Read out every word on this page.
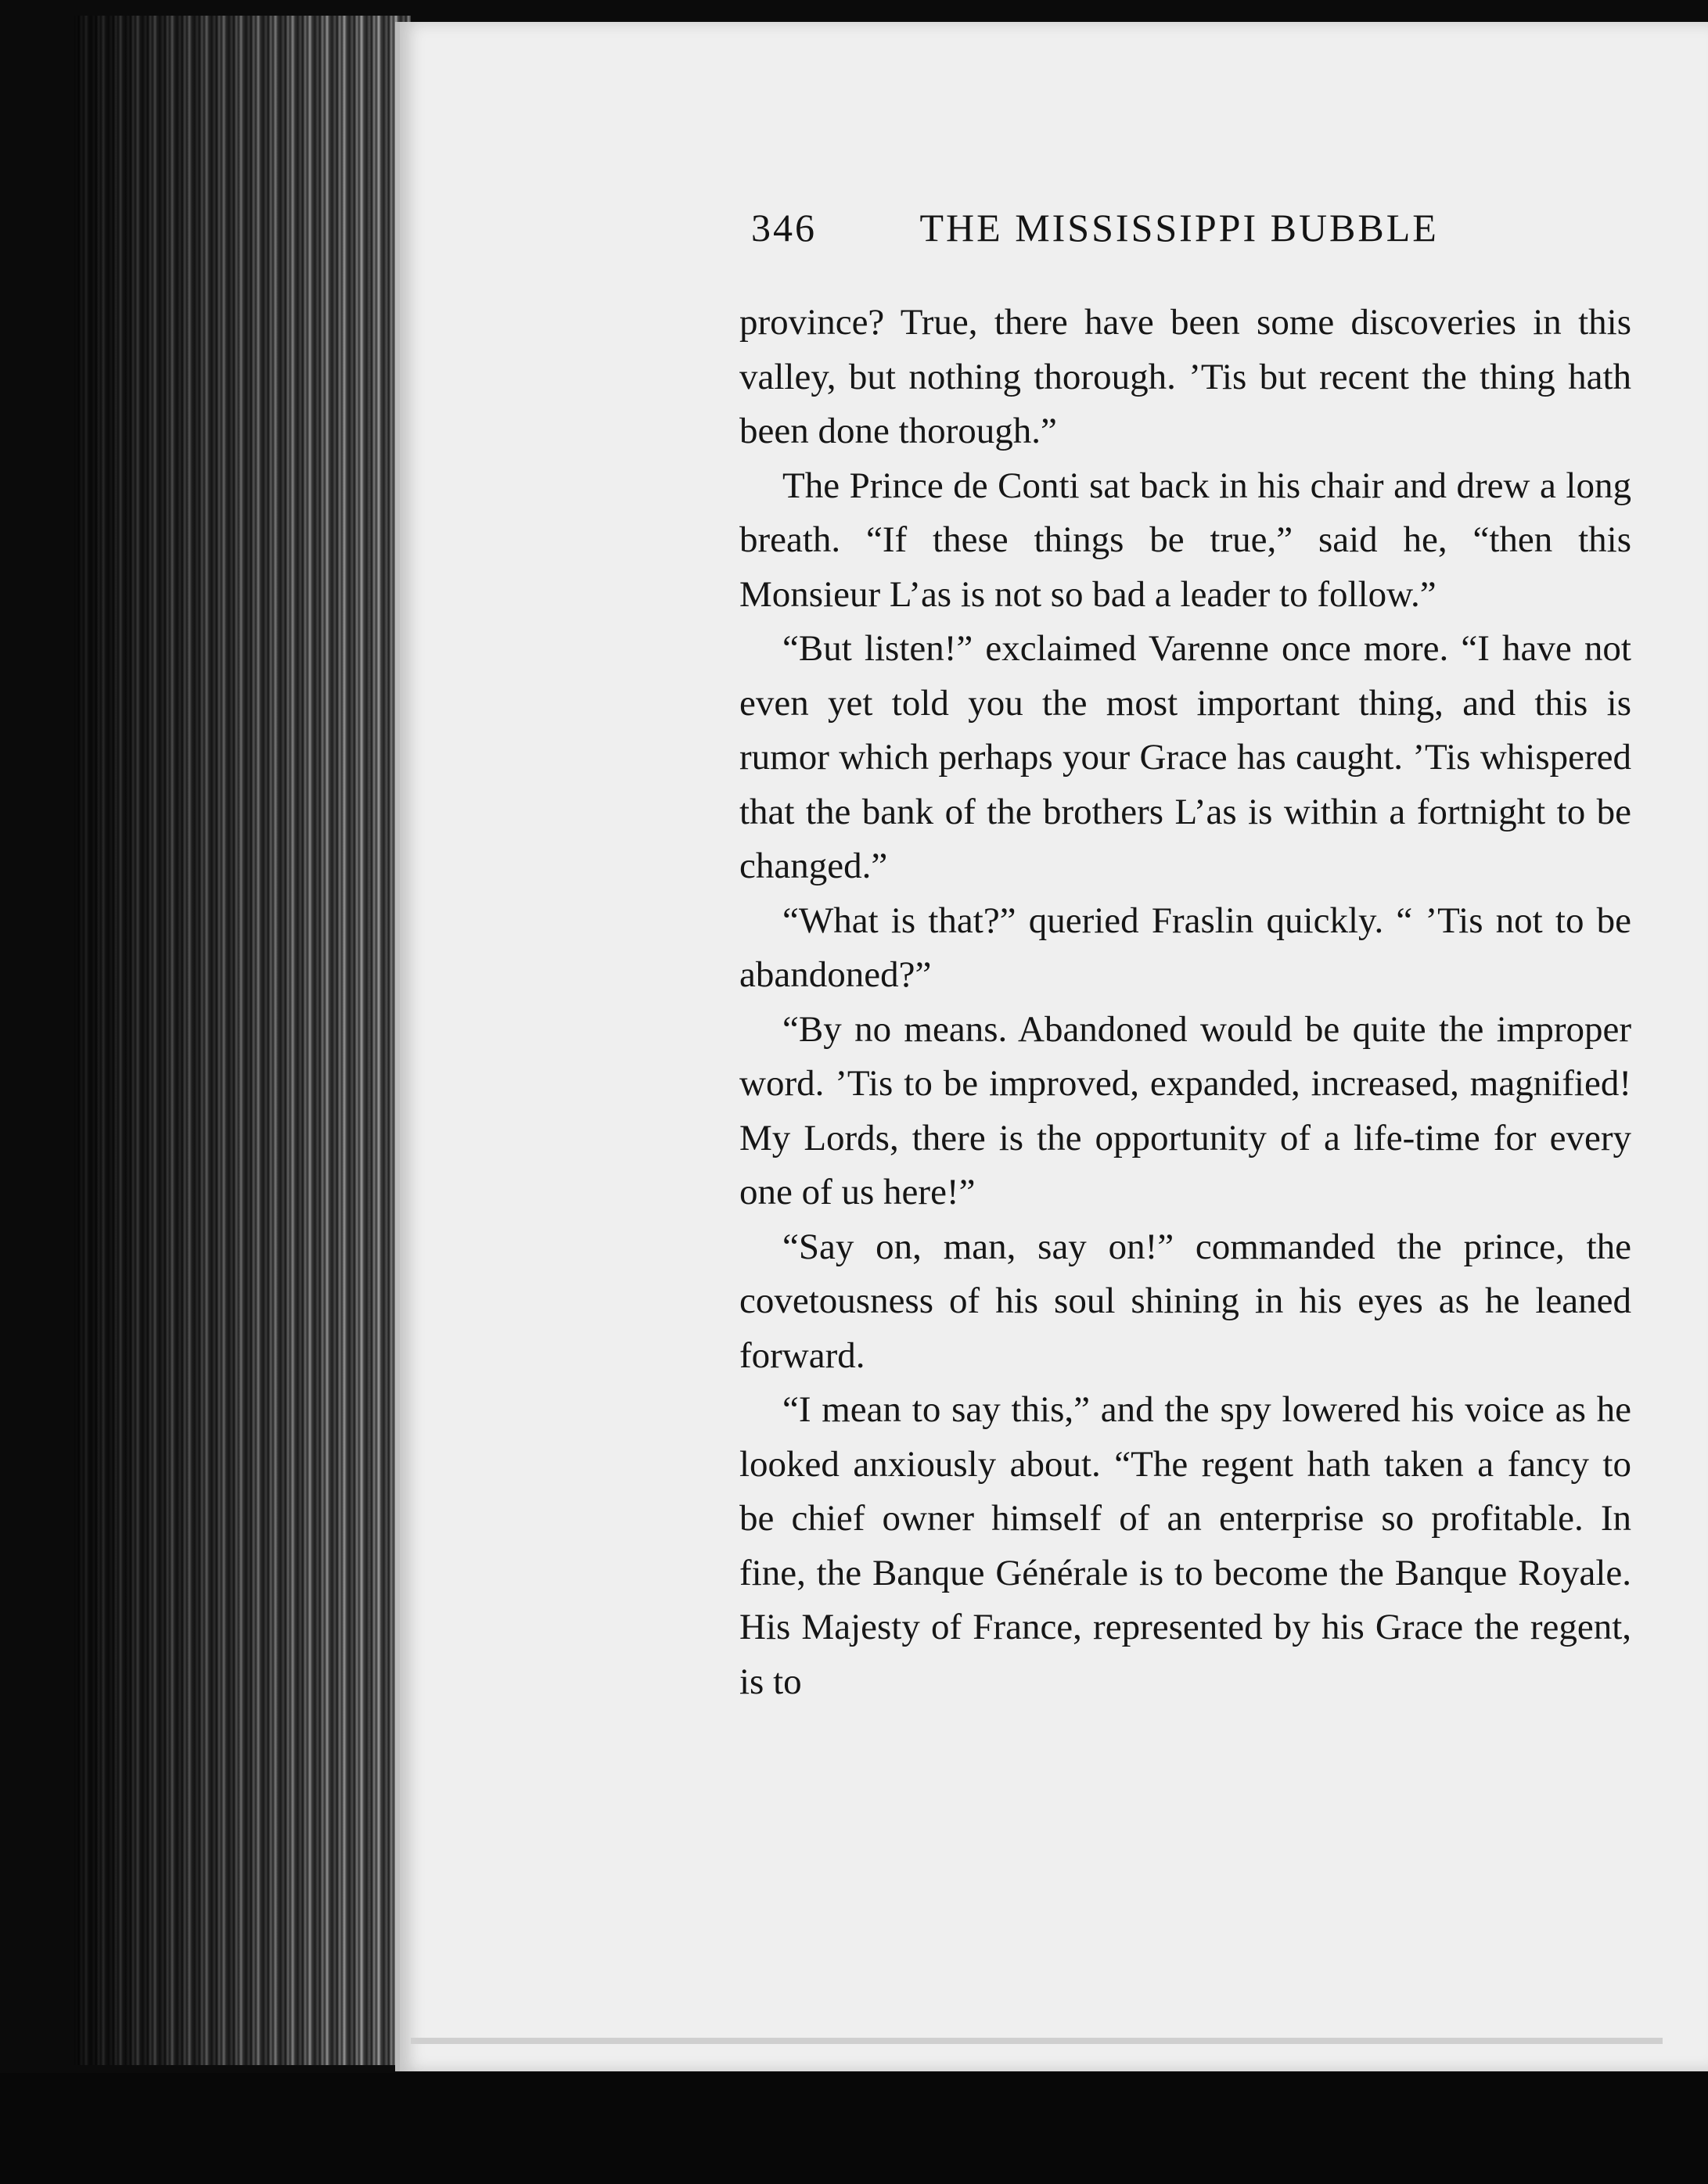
346	THE MISSISSIPPI BUBBLE

province? True, there have been some discoveries in this valley, but nothing thorough. ’Tis but recent the thing hath been done thorough.”

The Prince de Conti sat back in his chair and drew a long breath. “If these things be true,” said he, “then this Monsieur L’as is not so bad a leader to follow.”

“But listen!” exclaimed Varenne once more. “I have not even yet told you the most important thing, and this is rumor which perhaps your Grace has caught. ’Tis whispered that the bank of the brothers L’as is within a fortnight to be changed.”

“What is that?” queried Fraslin quickly. “ ’Tis not to be abandoned?”

“By no means. Abandoned would be quite the improper word. ’Tis to be improved, expanded, increased, magnified! My Lords, there is the opportunity of a life-time for every one of us here!”

“Say on, man, say on!” commanded the prince, the covetousness of his soul shining in his eyes as he leaned forward.

“I mean to say this,” and the spy lowered his voice as he looked anxiously about. “The regent hath taken a fancy to be chief owner himself of an enterprise so profitable. In fine, the Banque Générale is to become the Banque Royale. His Majesty of France, represented by his Grace the regent, is to
